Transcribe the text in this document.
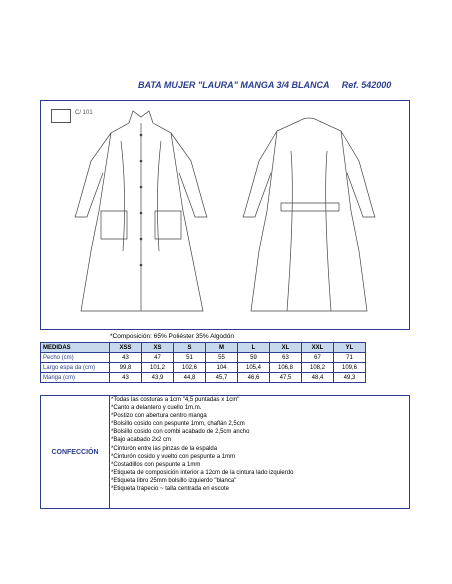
BATA MUJER "LAURA" MANGA 3/4 BLANCA Ref. 542000
C/ 101
*Composición: 65% Poliéster 35% Algodón
MEDIDAS	XSS	XS	S	M	L	XL	XXL	YL
Pecho (cm)	43	47	51	55	59	63	67	71
Largo espa da (cm)	99,8	101,2	102,6	104	105,4	106,8	108,2	109,6
Manga (cm)	43	43,9	44,8	45,7	46,6	47,5	48,4	49,3
CONFECCIÓN
*Todas las costuras a 1cm "4,5 puntadas x 1cm"
*Canto a delantero y cuello 1m.m.
*Postizo con abertura centro manga
*Bolsillo cosido con pespunte 1mm, chaflán 2,5cm
*Bolsillo cosido con combi acabado de 2,5cm ancho
*Bajo acabado 2x2 cm
*Cinturón entre las pinzas de la espalda
*Cinturón cosido y vuelto con pespunte a 1mm
*Costadillos con pespunte a 1mm
*Etiqueta de composición interior a 12cm de la cintura lado izquierdo
*Etiqueta libro 25mm bolsillo izquierdo "blanca"
*Etiqueta trapecio ~ talla centrada en escote
